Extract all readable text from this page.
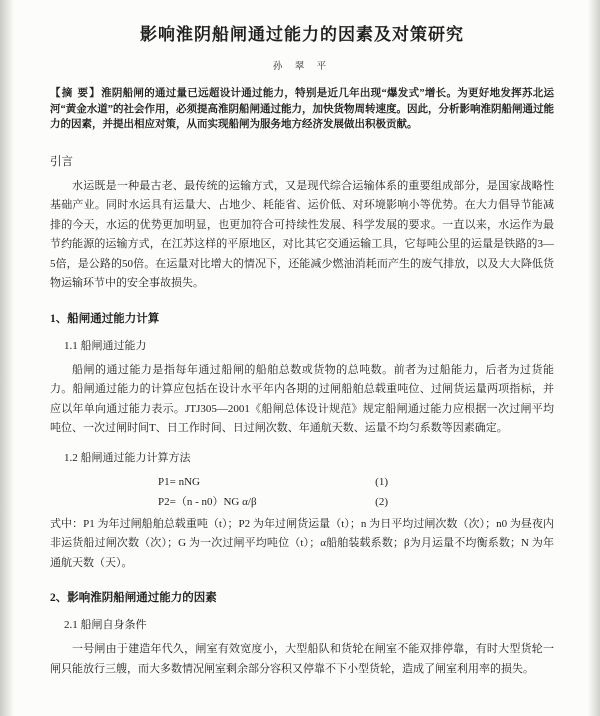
影响淮阴船闸通过能力的因素及对策研究
孙 翠 平
【摘 要】淮阴船闸的通过量已远超设计通过能力，特别是近几年出现“爆发式”增长。为更好地发挥苏北运河“黄金水道”的社会作用，必须提高淮阴船闸通过能力，加快货物周转速度。因此，分析影响淮阴船闸通过能力的因素，并提出相应对策，从而实现船闸为服务地方经济发展做出积极贡献。
引言
水运既是一种最古老、最传统的运输方式，又是现代综合运输体系的重要组成部分，是国家战略性基础产业。同时水运具有运量大、占地少、耗能省、运价低、对环境影响小等优势。在大力倡导节能减排的今天，水运的优势更加明显，也更加符合可持续性发展、科学发展的要求。一直以来，水运作为最节约能源的运输方式，在江苏这样的平原地区，对比其它交通运输工具，它每吨公里的运量是铁路的3—5倍，是公路的50倍。在运量对比增大的情况下，还能减少燃油消耗而产生的废气排放，以及大大降低货物运输环节中的安全事故损失。
1、船闸通过能力计算
1.1 船闸通过能力
船闸的通过能力是指每年通过船闸的船舶总数或货物的总吨数。前者为过船能力，后者为过货能力。船闸通过能力的计算应包括在设计水平年内各期的过闸船舶总载重吨位、过闸货运量两项指标，并应以年单向通过能力表示。JTJ305—2001《船闸总体设计规范》规定船闸通过能力应根据一次过闸平均吨位、一次过闸时间T、日工作时间、日过闸次数、年通航天数、运量不均匀系数等因素确定。
1.2 船闸通过能力计算方法
P1= nNG	(1)
P2=（n - n0）NG α/β	(2)
式中：P1 为年过闸船舶总载重吨（t）；P2 为年过闸货运量（t）；n 为日平均过闸次数（次）；n0 为昼夜内非运货船过闸次数（次）；G 为一次过闸平均吨位（t）；α船舶装载系数；β为月运量不均衡系数；N 为年通航天数（天）。
2、影响淮阴船闸通过能力的因素
2.1 船闸自身条件
一号闸由于建造年代久，闸室有效宽度小，大型船队和货轮在闸室不能双排停靠，有时大型货轮一闸只能放行三艘，而大多数情况闸室剩余部分容积又停靠不下小型货轮，造成了闸室利用率的损失。
